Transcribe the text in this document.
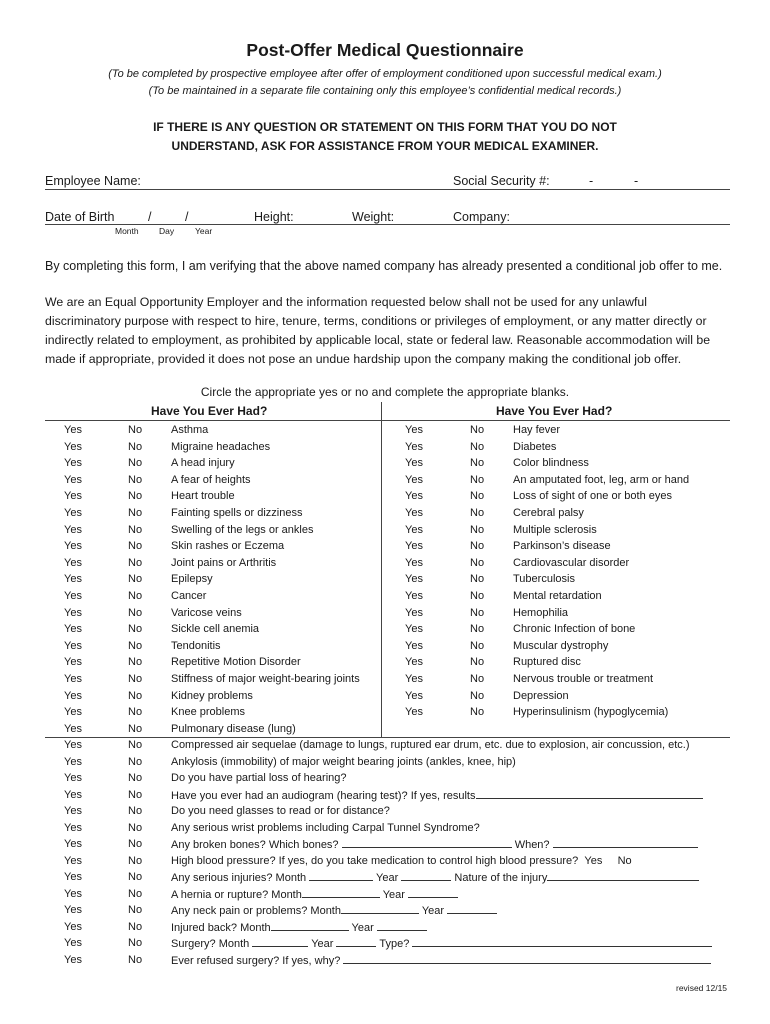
Post-Offer Medical Questionnaire
(To be completed by prospective employee after offer of employment conditioned upon successful medical exam.)
(To be maintained in a separate file containing only this employee’s confidential medical records.)
IF THERE IS ANY QUESTION OR STATEMENT ON THIS FORM THAT YOU DO NOT
UNDERSTAND, ASK FOR ASSISTANCE FROM YOUR MEDICAL EXAMINER.
Employee Name:	Social Security #:	-	-
Date of Birth	/	/	Height:	Weight:	Company:
Month Day Year
By completing this form, I am verifying that the above named company has already presented a conditional job offer to me.
We are an Equal Opportunity Employer and the information requested below shall not be used for any unlawful
discriminatory purpose with respect to hire, tenure, terms, conditions or privileges of employment, or any matter directly or
indirectly related to employment, as prohibited by applicable local, state or federal law. Reasonable accommodation will be
made if appropriate, provided it does not pose an undue hardship upon the company making the conditional job offer.
Circle the appropriate yes or no and complete the appropriate blanks.
Have You Ever Had?	Have You Ever Had?
Yes	No	Asthma	Yes	No	Hay fever
Yes	No	Migraine headaches	Yes	No	Diabetes
Yes	No	A head injury	Yes	No	Color blindness
Yes	No	A fear of heights	Yes	No	An amputated foot, leg, arm or hand
Yes	No	Heart trouble	Yes	No	Loss of sight of one or both eyes
Yes	No	Fainting spells or dizziness	Yes	No	Cerebral palsy
Yes	No	Swelling of the legs or ankles	Yes	No	Multiple sclerosis
Yes	No	Skin rashes or Eczema	Yes	No	Parkinson’s disease
Yes	No	Joint pains or Arthritis	Yes	No	Cardiovascular disorder
Yes	No	Epilepsy	Yes	No	Tuberculosis
Yes	No	Cancer	Yes	No	Mental retardation
Yes	No	Varicose veins	Yes	No	Hemophilia
Yes	No	Sickle cell anemia	Yes	No	Chronic Infection of bone
Yes	No	Tendonitis	Yes	No	Muscular dystrophy
Yes	No	Repetitive Motion Disorder	Yes	No	Ruptured disc
Yes	No	Stiffness of major weight-bearing joints	Yes	No	Nervous trouble or treatment
Yes	No	Kidney problems	Yes	No	Depression
Yes	No	Knee problems	Yes	No	Hyperinsulinism (hypoglycemia)
Yes	No	Pulmonary disease (lung)
Yes	No	Compressed air sequelae (damage to lungs, ruptured ear drum, etc. due to explosion, air concussion, etc.)
Yes	No	Ankylosis (immobility) of major weight bearing joints (ankles, knee, hip)
Yes	No	Do you have partial loss of hearing?
Yes	No	Have you ever had an audiogram (hearing test)? If yes, results
Yes	No	Do you need glasses to read or for distance?
Yes	No	Any serious wrist problems including Carpal Tunnel Syndrome?
Yes	No	Any broken bones? Which bones?	When?
Yes	No	High blood pressure? If yes, do you take medication to control high blood pressure? Yes No
Yes	No	Any serious injuries? Month	Year	Nature of the injury
Yes	No	A hernia or rupture? Month	Year
Yes	No	Any neck pain or problems? Month	Year
Yes	No	Injured back? Month	Year
Yes	No	Surgery? Month	Year	Type?
Yes	No	Ever refused surgery? If yes, why?
revised 12/15
